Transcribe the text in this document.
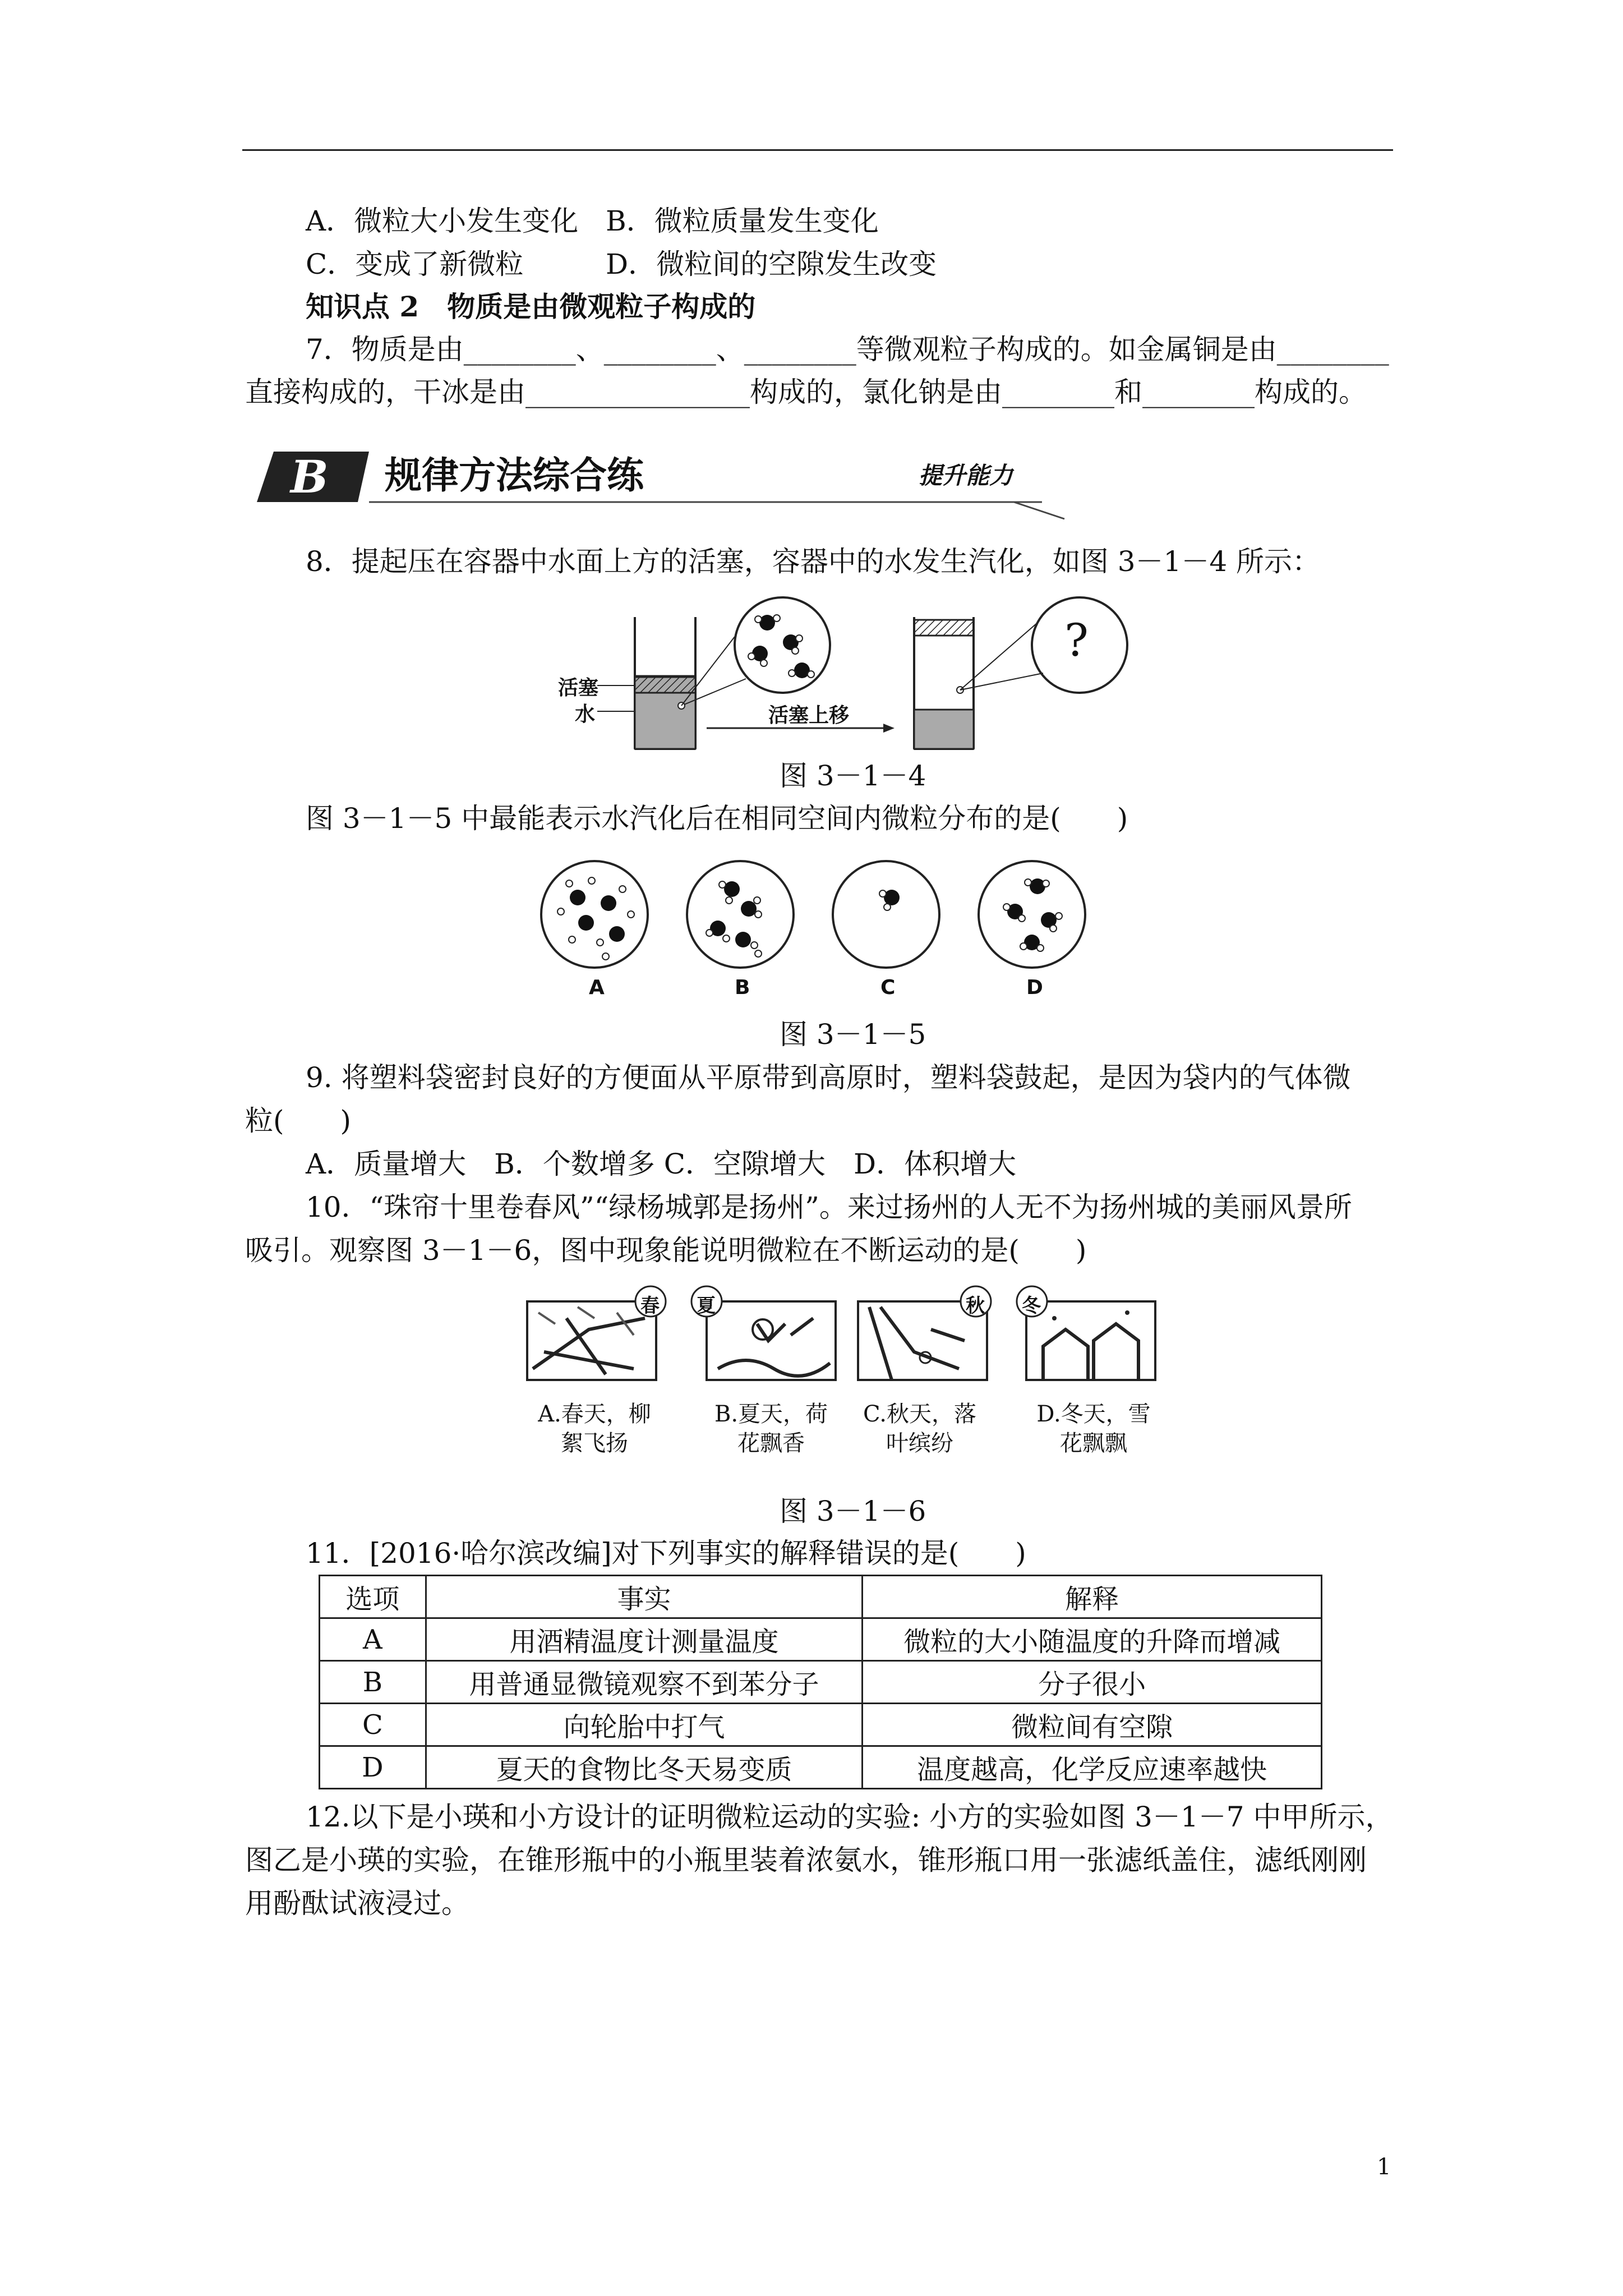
A．微粒大小发生变化 B．微粒质量发生变化
C．变成了新微粒	D．微粒间的空隙发生改变
知识点 2　物质是由微观粒子构成的
7．物质是由________、________、________等微观粒子构成的。如金属铜是由________
直接构成的，干冰是由________________构成的，氯化钠是由________和________构成的。
B 规律方法综合练	提升能力
8．提起压在容器中水面上方的活塞，容器中的水发生汽化，如图 3－1－4 所示：
活塞
水	活塞上移
?
图 3－1－4
图 3－1－5 中最能表示水汽化后在相同空间内微粒分布的是(　　)
A	B	C	D
图 3－1－5
9. 将塑料袋密封良好的方便面从平原带到高原时，塑料袋鼓起，是因为袋内的气体微
粒(　　)
A．质量增大　B．个数增多 C．空隙增大　D．体积增大
10．“珠帘十里卷春风”“绿杨城郭是扬州”。来过扬州的人无不为扬州城的美丽风景所
吸引。观察图 3－1－6，图中现象能说明微粒在不断运动的是(　　)
春 夏	秋 冬
A.春天，柳
絮飞扬
B.夏天，荷
花飘香
C.秋天，落
叶缤纷
D.冬天，雪
花飘飘
图 3－1－6
11．[2016·哈尔滨改编]对下列事实的解释错误的是(　　)
选项	事实	解释
A	用酒精温度计测量温度	微粒的大小随温度的升降而增减
B	用普通显微镜观察不到苯分子	分子很小
C	向轮胎中打气	微粒间有空隙
D	夏天的食物比冬天易变质	温度越高，化学反应速率越快
12.以下是小瑛和小方设计的证明微粒运动的实验: 小方的实验如图 3－1－7 中甲所示，
图乙是小瑛的实验，在锥形瓶中的小瓶里装着浓氨水，锥形瓶口用一张滤纸盖住，滤纸刚刚
用酚酞试液浸过。
1
